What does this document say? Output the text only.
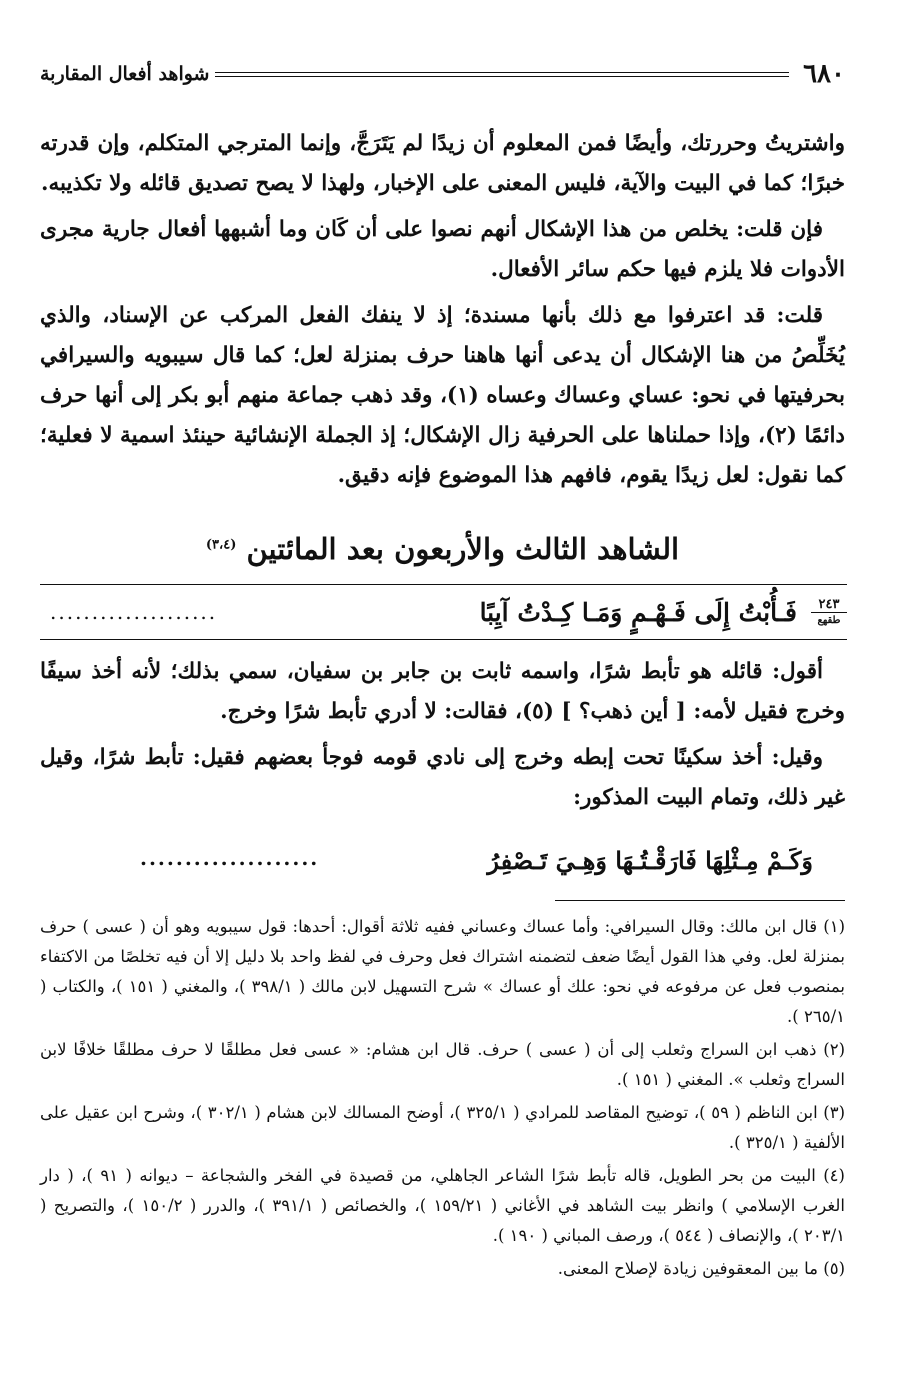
٦٨٠
شواهد أفعال المقاربة

واشتريتُ وحررتك، وأيضًا فمن المعلوم أن زيدًا لم يَتَرَجَّ، وإنما المترجي المتكلم، وإن قدرته خبرًا؛ كما في البيت والآية، فليس المعنى على الإخبار، ولهذا لا يصح تصديق قائله ولا تكذيبه.

فإن قلت: يخلص من هذا الإشكال أنهم نصوا على أن كَان وما أشبهها أفعال جارية مجرى الأدوات فلا يلزم فيها حكم سائر الأفعال.

قلت: قد اعترفوا مع ذلك بأنها مسندة؛ إذ لا ينفك الفعل المركب عن الإسناد، والذي يُخَلِّصُ من هنا الإشكال أن يدعى أنها هاهنا حرف بمنزلة لعل؛ كما قال سيبويه والسيرافي بحرفيتها في نحو: عساي وعساك وعساه (١)، وقد ذهب جماعة منهم أبو بكر إلى أنها حرف دائمًا (٢)، وإذا حملناها على الحرفية زال الإشكال؛ إذ الجملة الإنشائية حينئذ اسمية لا فعلية؛ كما نقول: لعل زيدًا يقوم، فافهم هذا الموضوع فإنه دقيق.

الشاهد الثالث والأربعون بعد المائتين $^{(٣،٤)}$
٢٤٣
طقهع
فَـأُبْتُ إِلَى فَـهْـمٍ وَمَـا كِـدْتُ آيِبًا
....................

أقول: قائله هو تأبط شرًا، واسمه ثابت بن جابر بن سفيان، سمي بذلك؛ لأنه أخذ سيفًا وخرج فقيل لأمه: [ أين ذهب؟ ] (٥)، فقالت: لا أدري تأبط شرًا وخرج.

وقيل: أخذ سكينًا تحت إبطه وخرج إلى نادي قومه فوجأ بعضهم فقيل: تأبط شرًا، وقيل غير ذلك، وتمام البيت المذكور:

وَكَـمْ مِـثْلِهَا فَارَقْـتُـهَا وَهِـيَ تَـصْفِرُ
....................

(١) قال ابن مالك: وقال السيرافي: وأما عساك وعساني ففيه ثلاثة أقوال: أحدها: قول سيبويه وهو أن ( عسى ) حرف بمنزلة لعل. وفي هذا القول أيضًا ضعف لتضمنه اشتراك فعل وحرف في لفظ واحد بلا دليل إلا أن فيه تخلصًا من الاكتفاء بمنصوب فعل عن مرفوعه في نحو: علك أو عساك » شرح التسهيل لابن مالك ( ٣٩٨/١ )، والمغني ( ١٥١ )، والكتاب ( ٢٦٥/١ ).

(٢) ذهب ابن السراج وثعلب إلى أن ( عسى ) حرف. قال ابن هشام: « عسى فعل مطلقًا لا حرف مطلقًا خلافًا لابن السراج وثعلب ». المغني ( ١٥١ ).

(٣) ابن الناظم ( ٥٩ )، توضيح المقاصد للمرادي ( ٣٢٥/١ )، أوضح المسالك لابن هشام ( ٣٠٢/١ )، وشرح ابن عقيل على الألفية ( ٣٢٥/١ ).

(٤) البيت من بحر الطويل، قاله تأبط شرًا الشاعر الجاهلي، من قصيدة في الفخر والشجاعة – ديوانه ( ٩١ )، ( دار الغرب الإسلامي ) وانظر بيت الشاهد في الأغاني ( ١٥٩/٢١ )، والخصائص ( ٣٩١/١ )، والدرر ( ١٥٠/٢ )، والتصريح ( ٢٠٣/١ )، والإنصاف ( ٥٤٤ )، ورصف المباني ( ١٩٠ ).

(٥) ما بين المعقوفين زيادة لإصلاح المعنى.
